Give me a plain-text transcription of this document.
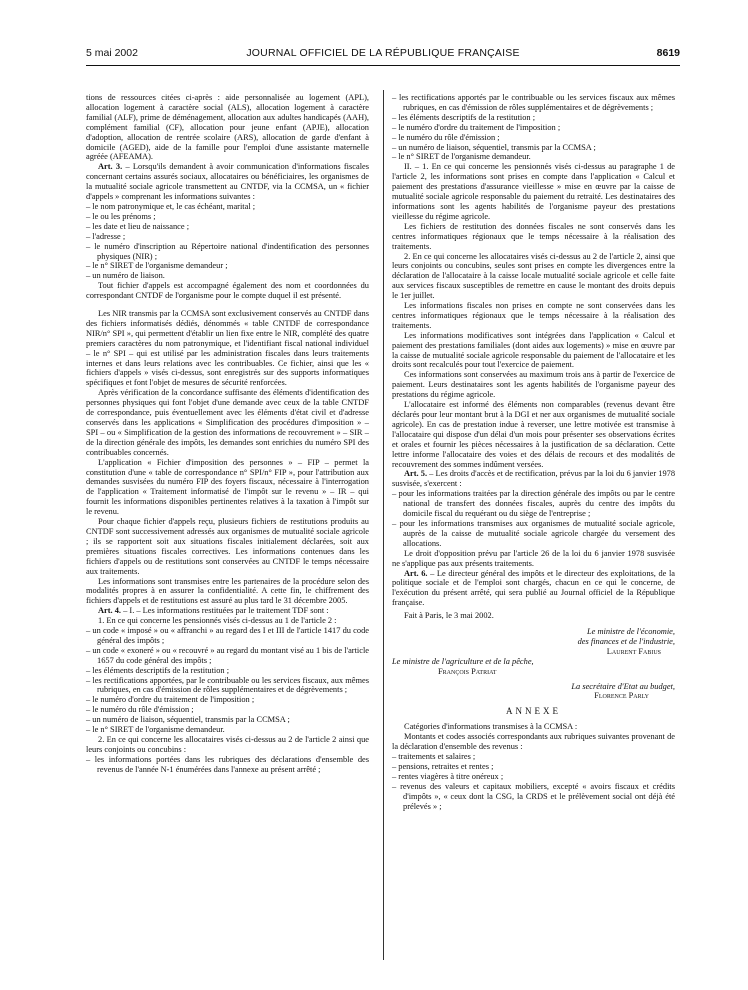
5 mai 2002	JOURNAL OFFICIEL DE LA RÉPUBLIQUE FRANÇAISE	8619

tions de ressources citées ci-après : aide personnalisée au logement (APL), allocation logement à caractère social (ALS), allocation logement à caractère familial (ALF), prime de déménagement, allocation aux adultes handicapés (AAH), complément familial (CF), allocation pour jeune enfant (APJE), allocation d'adoption, allocation de rentrée scolaire (ARS), allocation de garde d'enfant à domicile (AGED), aide de la famille pour l'emploi d'une assistante maternelle agréée (AFEAMA).

Art. 3. – Lorsqu'ils demandent à avoir communication d'informations fiscales concernant certains assurés sociaux, allocataires ou bénéficiaires, les organismes de la mutualité sociale agricole transmettent au CNTDF, via la CCMSA, un « fichier d'appels » comprenant les informations suivantes :

– le nom patronymique et, le cas échéant, marital ;

– le ou les prénoms ;

– les date et lieu de naissance ;

– l'adresse ;

– le numéro d'inscription au Répertoire national d'indentification des personnes physiques (NIR) ;

– le n° SIRET de l'organisme demandeur ;

– un numéro de liaison.

Tout fichier d'appels est accompagné également des nom et coordonnées du correspondant CNTDF de l'organisme pour le compte duquel il est présenté.

Les NIR transmis par la CCMSA sont exclusivement conservés au CNTDF dans des fichiers informatisés dédiés, dénommés « table CNTDF de correspondance NIR/n° SPI », qui permettent d'établir un lien fixe entre le NIR, complété des quatre premiers caractères du nom patronymique, et l'identifiant fiscal national individuel – le n° SPI – qui est utilisé par les administration fiscales dans leurs traitements internes et dans leurs relations avec les contribuables. Ce fichier, ainsi que les « fichiers d'appels » visés ci-dessus, sont enregistrés sur des supports informatiques spécifiques et font l'objet de mesures de sécurité renforcées.

Après vérification de la concordance suffisante des éléments d'identification des personnes physiques qui font l'objet d'une demande avec ceux de la table CNTDF de correspondance, puis éventuellement avec les éléments d'état civil et d'adresse conservés dans les applications « Simplification des procédures d'imposition » – SPI – ou « Simplification de la gestion des informations de recouvrement » – SIR – de la direction générale des impôts, les demandes sont enrichies du numéro SPI des contribuables concernés.

L'application « Fichier d'imposition des personnes » – FIP – permet la constitution d'une « table de correspondance n° SPI/n° FIP », pour l'attribution aux demandes susvisées du numéro FIP des foyers fiscaux, nécessaire à l'interrogation de l'application « Traitement informatisé de l'impôt sur le revenu » – IR – qui fournit les informations disponibles pertinentes relatives à la taxation à l'impôt sur le revenu.

Pour chaque fichier d'appels reçu, plusieurs fichiers de restitutions produits au CNTDF sont successivement adressés aux organismes de mutualité sociale agricole ; ils se rapportent soit aux situations fiscales initialement déclarées, soit aux premières situations fiscales correctives. Les informations contenues dans les fichiers d'appels ou de restitutions sont conservées au CNTDF le temps nécessaire aux traitements.

Les informations sont transmises entre les partenaires de la procédure selon des modalités propres à en assurer la confidentialité. A cette fin, le chiffrement des fichiers d'appels et de restitutions est assuré au plus tard le 31 décembre 2005.

Art. 4. – I. – Les informations restituées par le traitement TDF sont :

1. En ce qui concerne les pensionnés visés ci-dessus au 1 de l'article 2 :

– un code « imposé » ou « affranchi » au regard des I et III de l'article 1417 du code général des impôts ;

– un code « exoneré » ou « recouvré » au regard du montant visé au 1 bis de l'article 1657 du code général des impôts ;

– les éléments descriptifs de la restitution ;

– les rectifications apportées, par le contribuable ou les services fiscaux, aux mêmes rubriques, en cas d'émission de rôles supplémentaires et de dégrèvements ;

– le numéro d'ordre du traitement de l'imposition ;

– le numéro du rôle d'émission ;

– un numéro de liaison, séquentiel, transmis par la CCMSA ;

– le n° SIRET de l'organisme demandeur.

2. En ce qui concerne les allocataires visés ci-dessus au 2 de l'article 2 ainsi que leurs conjoints ou concubins :

– les informations portées dans les rubriques des déclarations d'ensemble des revenus de l'année N-1 énumérées dans l'annexe au présent arrêté ;

– les rectifications apportés par le contribuable ou les services fiscaux aux mêmes rubriques, en cas d'émission de rôles supplémentaires et de dégrèvements ;

– les éléments descriptifs de la restitution ;

– le numéro d'ordre du traitement de l'imposition ;

– le numéro du rôle d'émission ;

– un numéro de liaison, séquentiel, transmis par la CCMSA ;

– le n° SIRET de l'organisme demandeur.

II. – 1. En ce qui concerne les pensionnés visés ci-dessus au paragraphe 1 de l'article 2, les informations sont prises en compte dans l'application « Calcul et paiement des prestations d'assurance vieillesse » mise en œuvre par la caisse de mutualité sociale agricole responsable du paiement du retraité. Les destinataires des informations sont les agents habilités de l'organisme payeur des prestations vieillesse du régime agricole.

Les fichiers de restitution des données fiscales ne sont conservés dans les centres informatiques régionaux que le temps nécessaire à la réalisation des traitements.

2. En ce qui concerne les allocataires visés ci-dessus au 2 de l'article 2, ainsi que leurs conjoints ou concubins, seules sont prises en compte les divergences entre la déclaration de l'allocataire à la caisse locale mutualité sociale agricole et celle faite aux services fiscaux susceptibles de remettre en cause le montant des droits depuis le 1er juillet.

Les informations fiscales non prises en compte ne sont conservées dans les centres informatiques régionaux que le temps nécessaire à la réalisation des traitements.

Les informations modificatives sont intégrées dans l'application « Calcul et paiement des prestations familiales (dont aides aux logements) » mise en œuvre par la caisse de mutualité sociale agricole responsable du paiement de l'allocataire et les droits sont recalculés pour tout l'exercice de paiement.

Ces informations sont conservées au maximum trois ans à partir de l'exercice de paiement. Leurs destinataires sont les agents habilités de l'organisme payeur des prestations du régime agricole.

L'allocataire est informé des éléments non comparables (revenus devant être déclarés pour leur montant brut à la DGI et ner aux organismes de mutualité sociale agricole). En cas de prestation indue à reverser, une lettre motivée est transmise à l'allocataire qui dispose d'un délai d'un mois pour présenter ses observations écrites et orales et fournir les pièces nécessaires à la justification de sa déclaration. Cette lettre informe l'allocataire des voies et des délais de recours et des modalités de recouvrement des sommes indûment versées.

Art. 5. – Les droits d'accès et de rectification, prévus par la loi du 6 janvier 1978 susvisée, s'exercent :

– pour les informations traitées par la direction générale des impôts ou par le centre national de transfert des données fiscales, auprès du centre des impôts du domicile fiscal du requérant ou du siège de l'entreprise ;

– pour les informations transmises aux organismes de mutualité sociale agricole, auprès de la caisse de mutualité sociale agricole chargée du versement des allocations.

Le droit d'opposition prévu par l'article 26 de la loi du 6 janvier 1978 susvisée ne s'applique pas aux présents traitements.

Art. 6. – Le directeur général des impôts et le directeur des exploitations, de la politique sociale et de l'emploi sont chargés, chacun en ce qui le concerne, de l'exécution du présent arrêté, qui sera publié au Journal officiel de la République française.

Fait à Paris, le 3 mai 2002.

Le ministre de l'économie,

des finances et de l'industrie,

Laurent Fabius

Le ministre de l'agriculture et de la pêche,

François Patriat

La secrétaire d'Etat au budget,

Florence Parly

ANNEXE

Catégories d'informations transmises à la CCMSA :

Montants et codes associés correspondants aux rubriques suivantes provenant de la déclaration d'ensemble des revenus :

– traitements et salaires ;

– pensions, retraites et rentes ;

– rentes viagères à titre onéreux ;

– revenus des valeurs et capitaux mobiliers, excepté « avoirs fiscaux et crédits d'impôts », « ceux dont la CSG, la CRDS et le prélèvement social ont déjà été prélevés » ;
